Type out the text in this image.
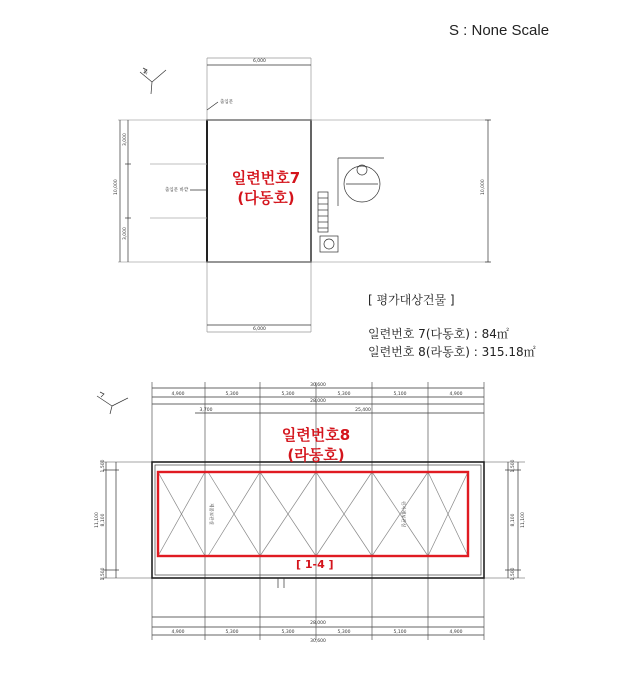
S : None Scale
북
6,000
6,000
10,000
10,000
3,000
3,000
출입문
출입문 바깥
30,600
4,900	5,300	5,300	5,300	5,100	4,900
28,000
3,700	25,400
28,000
4,900	5,300	5,300	5,300	5,100	4,900
30,600
1,500
8,100
1,500
11,100
1,500
8,100
1,500
11,100
제품보관실	원자재보관실
일련번호7
(다동호)
일련번호8
(라동호)
[ 1-4 ]
[ 평가대상건물 ]
일련번호 7(다동호) : 84㎡
일련번호 8(라동호) : 315.18㎡
